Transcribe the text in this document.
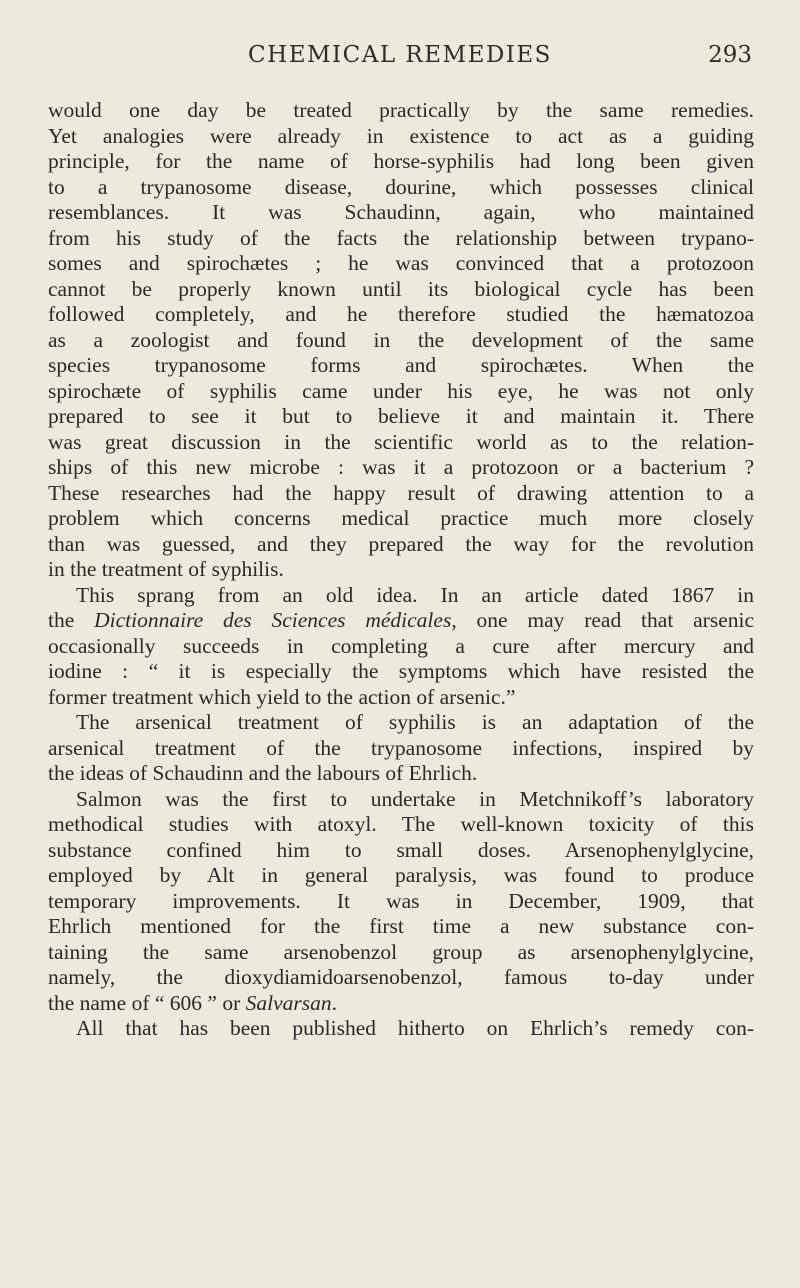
CHEMICAL REMEDIES	293
would one day be treated practically by the same remedies.
Yet analogies were already in existence to act as a guiding
principle, for the name of horse-syphilis had long been given
to a trypanosome disease, dourine, which possesses clinical
resemblances. It was Schaudinn, again, who maintained
from his study of the facts the relationship between trypano-
somes and spirochætes ; he was convinced that a protozoon
cannot be properly known until its biological cycle has been
followed completely, and he therefore studied the hæmatozoa
as a zoologist and found in the development of the same
species trypanosome forms and spirochætes. When the
spirochæte of syphilis came under his eye, he was not only
prepared to see it but to believe it and maintain it. There
was great discussion in the scientific world as to the relation-
ships of this new microbe : was it a protozoon or a bacterium ?
These researches had the happy result of drawing attention to a
problem which concerns medical practice much more closely
than was guessed, and they prepared the way for the revolution
in the treatment of syphilis.
This sprang from an old idea. In an article dated 1867 in
the Dictionnaire des Sciences médicales, one may read that arsenic
occasionally succeeds in completing a cure after mercury and
iodine : “ it is especially the symptoms which have resisted the
former treatment which yield to the action of arsenic.”
The arsenical treatment of syphilis is an adaptation of the
arsenical treatment of the trypanosome infections, inspired by
the ideas of Schaudinn and the labours of Ehrlich.
Salmon was the first to undertake in Metchnikoff’s laboratory
methodical studies with atoxyl. The well-known toxicity of this
substance confined him to small doses. Arsenophenylglycine,
employed by Alt in general paralysis, was found to produce
temporary improvements. It was in December, 1909, that
Ehrlich mentioned for the first time a new substance con-
taining the same arsenobenzol group as arsenophenylglycine,
namely, the dioxydiamidoarsenobenzol, famous to-day under
the name of “ 606 ” or Salvarsan.
All that has been published hitherto on Ehrlich’s remedy con-
